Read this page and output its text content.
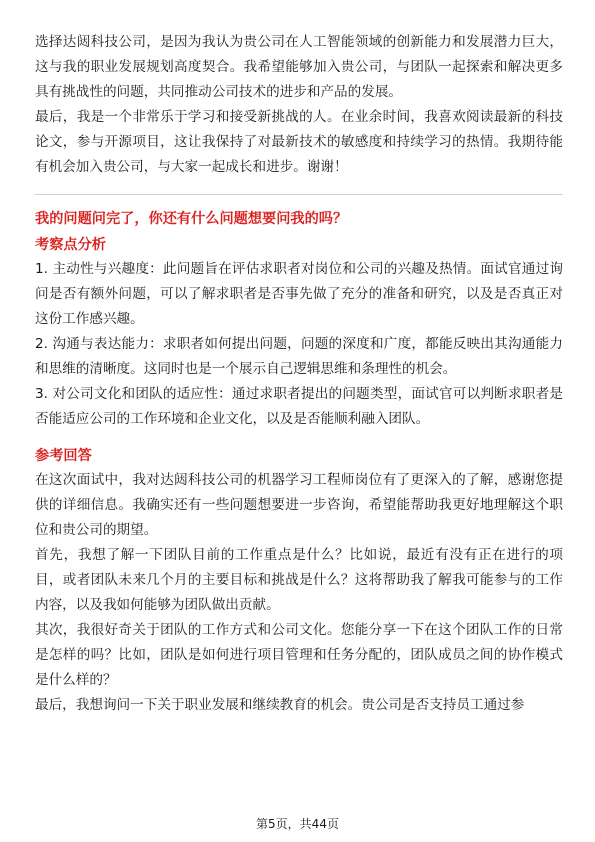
选择达闼科技公司，是因为我认为贵公司在人工智能领域的创新能力和发展潜力巨大，这与我的职业发展规划高度契合。我希望能够加入贵公司，与团队一起探索和解决更多具有挑战性的问题，共同推动公司技术的进步和产品的发展。

最后，我是一个非常乐于学习和接受新挑战的人。在业余时间，我喜欢阅读最新的科技论文，参与开源项目，这让我保持了对最新技术的敏感度和持续学习的热情。我期待能有机会加入贵公司，与大家一起成长和进步。谢谢！

我的问题问完了，你还有什么问题想要问我的吗？

考察点分析

1. 主动性与兴趣度：此问题旨在评估求职者对岗位和公司的兴趣及热情。面试官通过询问是否有额外问题，可以了解求职者是否事先做了充分的准备和研究，以及是否真正对这份工作感兴趣。

2. 沟通与表达能力：求职者如何提出问题，问题的深度和广度，都能反映出其沟通能力和思维的清晰度。这同时也是一个展示自己逻辑思维和条理性的机会。

3. 对公司文化和团队的适应性：通过求职者提出的问题类型，面试官可以判断求职者是否能适应公司的工作环境和企业文化，以及是否能顺利融入团队。

参考回答

在这次面试中，我对达闼科技公司的机器学习工程师岗位有了更深入的了解，感谢您提供的详细信息。我确实还有一些问题想要进一步咨询，希望能帮助我更好地理解这个职位和贵公司的期望。

首先，我想了解一下团队目前的工作重点是什么？比如说，最近有没有正在进行的项目，或者团队未来几个月的主要目标和挑战是什么？这将帮助我了解我可能参与的工作内容，以及我如何能够为团队做出贡献。

其次，我很好奇关于团队的工作方式和公司文化。您能分享一下在这个团队工作的日常是怎样的吗？比如，团队是如何进行项目管理和任务分配的，团队成员之间的协作模式是什么样的？

最后，我想询问一下关于职业发展和继续教育的机会。贵公司是否支持员工通过参

第5页，共44页
